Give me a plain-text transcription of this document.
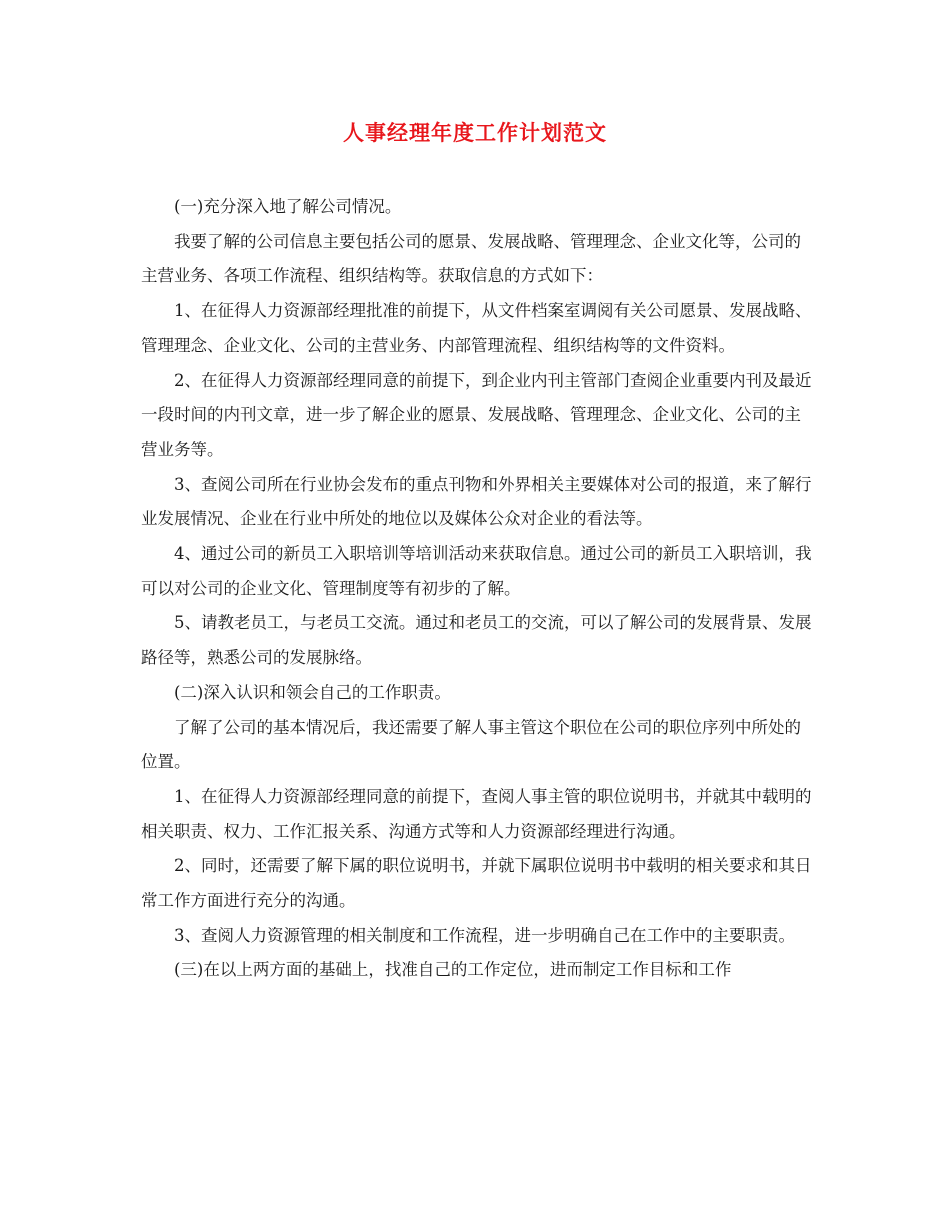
人事经理年度工作计划范文

(一)充分深入地了解公司情况。

我要了解的公司信息主要包括公司的愿景、发展战略、管理理念、企业文化等，公司的主营业务、各项工作流程、组织结构等。获取信息的方式如下：

1、在征得人力资源部经理批准的前提下，从文件档案室调阅有关公司愿景、发展战略、管理理念、企业文化、公司的主营业务、内部管理流程、组织结构等的文件资料。

2、在征得人力资源部经理同意的前提下，到企业内刊主管部门查阅企业重要内刊及最近一段时间的内刊文章，进一步了解企业的愿景、发展战略、管理理念、企业文化、公司的主营业务等。

3、查阅公司所在行业协会发布的重点刊物和外界相关主要媒体对公司的报道，来了解行业发展情况、企业在行业中所处的地位以及媒体公众对企业的看法等。

4、通过公司的新员工入职培训等培训活动来获取信息。通过公司的新员工入职培训，我可以对公司的企业文化、管理制度等有初步的了解。

5、请教老员工，与老员工交流。通过和老员工的交流，可以了解公司的发展背景、发展路径等，熟悉公司的发展脉络。

(二)深入认识和领会自己的工作职责。

了解了公司的基本情况后，我还需要了解人事主管这个职位在公司的职位序列中所处的位置。

1、在征得人力资源部经理同意的前提下，查阅人事主管的职位说明书，并就其中载明的相关职责、权力、工作汇报关系、沟通方式等和人力资源部经理进行沟通。

2、同时，还需要了解下属的职位说明书，并就下属职位说明书中载明的相关要求和其日常工作方面进行充分的沟通。

3、查阅人力资源管理的相关制度和工作流程，进一步明确自己在工作中的主要职责。

(三)在以上两方面的基础上，找准自己的工作定位，进而制定工作目标和工作
